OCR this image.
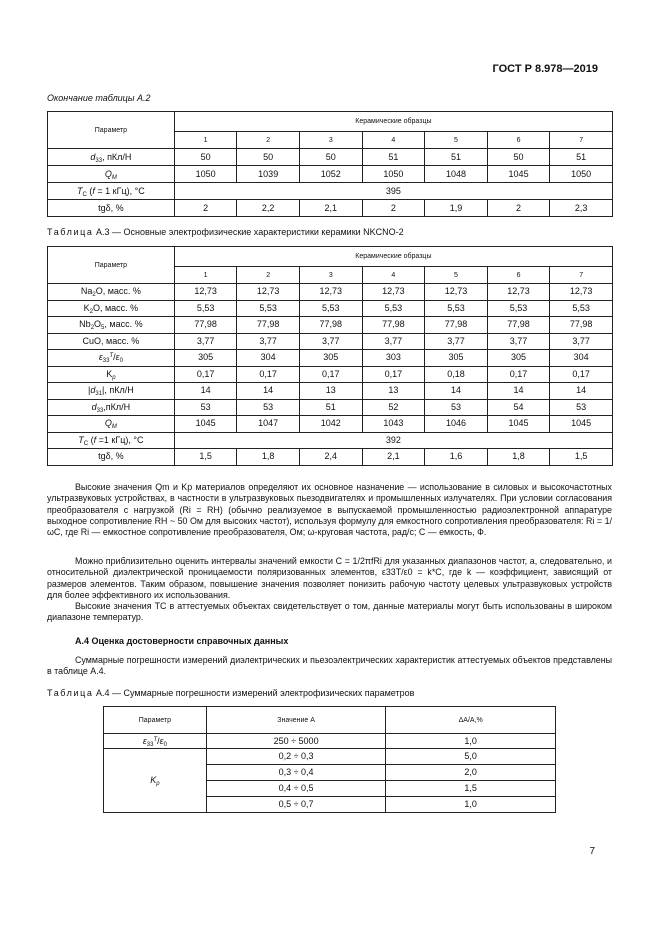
ГОСТ Р 8.978—2019
Окончание таблицы А.2
Параметр	Керамические образцы						
	1	2	3	4	5	6	7
$d_{33}$, пКл/Н	50	50	50	51	51	50	51
$Q_M$	1050	1039	1052	1050	1048	1045	1050
$T_C$ (f = 1 кГц), °С	395						
tgδ, %	2	2,2	2,1	2	1,9	2	2,3
Таблица А.3 — Основные электрофизические характеристики керамики NKCNO-2
Параметр	Керамические образцы						
	1	2	3	4	5	6	7
$Na_2O$, масс. %	12,73	12,73	12,73	12,73	12,73	12,73	12,73
$K_2O$, масс. %	5,53	5,53	5,53	5,53	5,53	5,53	5,53
$Nb_2O_5$, масс. %	77,98	77,98	77,98	77,98	77,98	77,98	77,98
CuO, масс. %	3,77	3,77	3,77	3,77	3,77	3,77	3,77
$\varepsilon_{33}^T/\varepsilon_0$	305	304	305	303	305	305	304
$K_p$	0,17	0,17	0,17	0,17	0,18	0,17	0,17
$|d_{31}|$, пКл/Н	14	14	13	13	14	14	14
$d_{33},пКл/Н$	53	53	51	52	53	54	53
$Q_M$	1045	1047	1042	1043	1046	1045	1045
$T_C$ (f =1 кГц), °С	392						
tgδ, %	1,5	1,8	2,4	2,1	1,6	1,8	1,5
Высокие значения Qm и Kp материалов определяют их основное назначение — использование в силовых и высокочастотных ультразвуковых устройствах, в частности в ультразвуковых пьезодвигателях и промышленных излучателях. При условии согласования преобразователя с нагрузкой (Ri = RH) (обычно реализуемое в выпускаемой промышленностью радиоэлектронной аппаратуре выходное сопротивление RH ~ 50 Ом для высоких частот), используя формулу для емкостного сопротивления преобразователя: Ri = 1/ωC, где Ri — емкостное сопротивление преобразователя, Ом; ω-круговая частота, рад/с; C — емкость, Ф.
Можно приблизительно оценить интервалы значений емкости C = 1/2πfRi для указанных диапазонов частот, a, следовательно, и относительной диэлектрической проницаемости поляризованных элементов, ε33T/ε0 = k*C, где k — коэффициент, зависящий от размеров элементов. Таким образом, повышение значения позволяет понизить рабочую частоту целевых ультразвуковых устройств для более эффективного их использования.
Высокие значения TC в аттестуемых объектах свидетельствует о том, данные материалы могут быть использованы в широком диапазоне температур.
А.4 Оценка достоверности справочных данных
Суммарные погрешности измерений диэлектрических и пьезоэлектрических характеристик аттестуемых объектов представлены в таблице А.4.
Таблица А.4 — Суммарные погрешности измерений электрофизических параметров
Параметр	Значение A	ΔA/A,%
$\varepsilon_{33}^T/\varepsilon_0$	250 ÷ 5000	1,0
$K_p$	0,2 ÷ 0,3	5,0
	0,3 ÷ 0,4	2,0
	0,4 ÷ 0,5	1,5
	0,5 ÷ 0,7	1,0
7
